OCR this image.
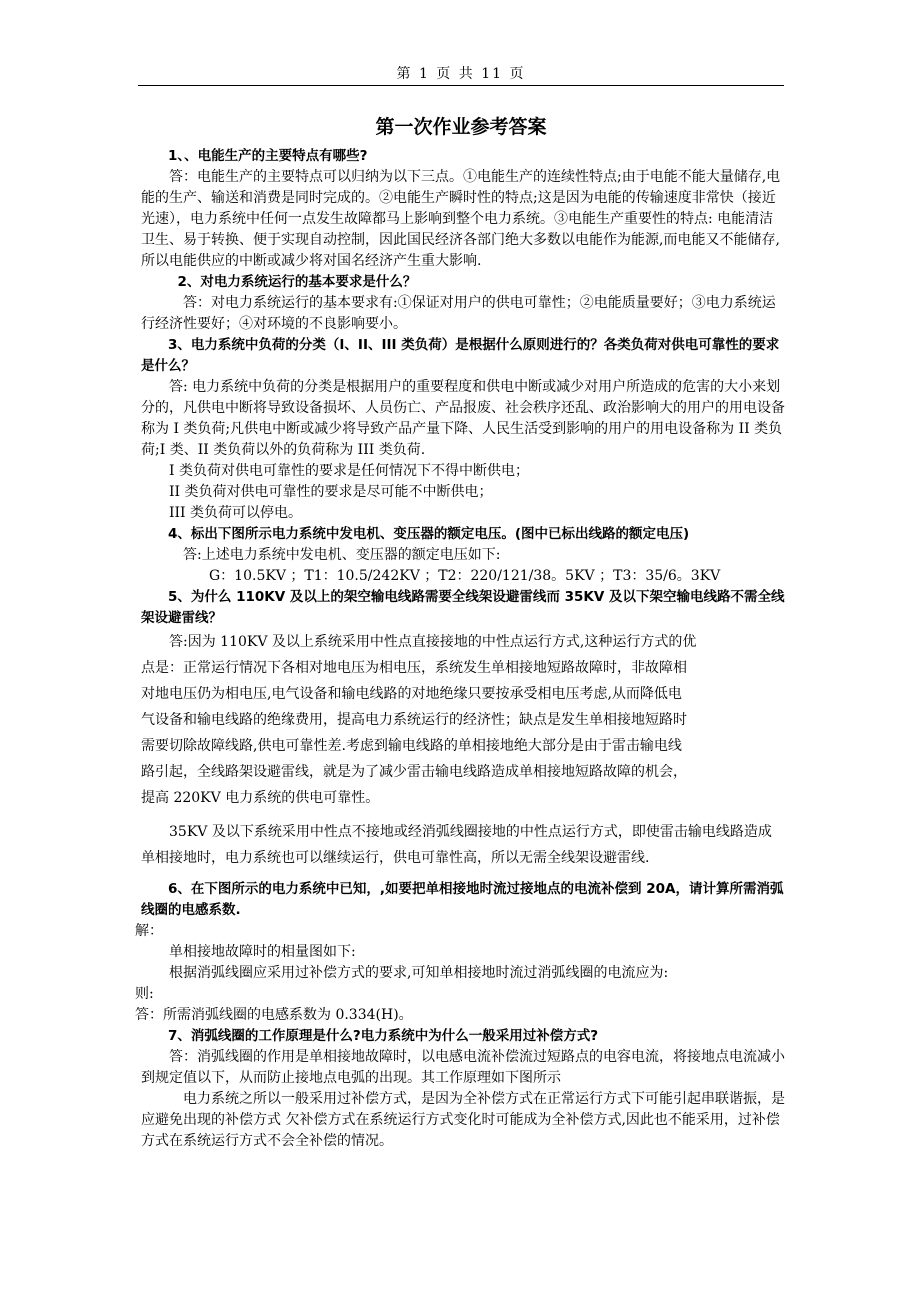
第 1 页 共 11 页
第一次作业参考答案

1、、电能生产的主要特点有哪些?

答：电能生产的主要特点可以归纳为以下三点。①电能生产的连续性特点;由于电能不能大量储存,电能的生产、输送和消费是同时完成的。②电能生产瞬时性的特点;这是因为电能的传输速度非常快（接近光速），电力系统中任何一点发生故障都马上影响到整个电力系统。③电能生产重要性的特点: 电能清洁卫生、易于转换、便于实现自动控制，因此国民经济各部门绝大多数以电能作为能源,而电能又不能储存,所以电能供应的中断或减少将对国名经济产生重大影响.

2、对电力系统运行的基本要求是什么？

答：对电力系统运行的基本要求有:①保证对用户的供电可靠性；②电能质量要好；③电力系统运行经济性要好；④对环境的不良影响要小。

3、电力系统中负荷的分类（I、II、III 类负荷）是根据什么原则进行的？各类负荷对供电可靠性的要求是什么？

答: 电力系统中负荷的分类是根据用户的重要程度和供电中断或减少对用户所造成的危害的大小来划分的，凡供电中断将导致设备损坏、人员伤亡、产品报废、社会秩序还乱、政治影响大的用户的用电设备称为 I 类负荷;凡供电中断或减少将导致产品产量下降、人民生活受到影响的用户的用电设备称为 II 类负荷;I 类、II 类负荷以外的负荷称为 III 类负荷.

I 类负荷对供电可靠性的要求是任何情况下不得中断供电；

II 类负荷对供电可靠性的要求是尽可能不中断供电；

III 类负荷可以停电。

4、标出下图所示电力系统中发电机、变压器的额定电压。(图中已标出线路的额定电压)

答:上述电力系统中发电机、变压器的额定电压如下:

G：10.5KV ；T1：10.5/242KV ；T2：220/121/38。5KV ；T3：35/6。3KV

5、为什么 110KV 及以上的架空输电线路需要全线架设避雷线而 35KV 及以下架空输电线路不需全线架设避雷线？

答:因为 110KV 及以上系统采用中性点直接接地的中性点运行方式,这种运行方式的优

点是：正常运行情况下各相对地电压为相电压，系统发生单相接地短路故障时，非故障相

对地电压仍为相电压,电气设备和输电线路的对地绝缘只要按承受相电压考虑,从而降低电

气设备和输电线路的绝缘费用，提高电力系统运行的经济性；缺点是发生单相接地短路时

需要切除故障线路,供电可靠性差.考虑到输电线路的单相接地绝大部分是由于雷击输电线

路引起，全线路架设避雷线，就是为了减少雷击输电线路造成单相接地短路故障的机会，

提高 220KV 电力系统的供电可靠性。

35KV 及以下系统采用中性点不接地或经消弧线圈接地的中性点运行方式，即使雷击输电线路造成单相接地时，电力系统也可以继续运行，供电可靠性高，所以无需全线架设避雷线.

6、在下图所示的电力系统中已知，,如要把单相接地时流过接地点的电流补偿到 20A，请计算所需消弧线圈的电感系数.

解：

单相接地故障时的相量图如下:

根据消弧线圈应采用过补偿方式的要求,可知单相接地时流过消弧线圈的电流应为:

则:

答：所需消弧线圈的电感系数为 0.334(H)。

7、消弧线圈的工作原理是什么?电力系统中为什么一般采用过补偿方式?

答：消弧线圈的作用是单相接地故障时，以电感电流补偿流过短路点的电容电流，将接地点电流减小到规定值以下，从而防止接地点电弧的出现。其工作原理如下图所示

电力系统之所以一般采用过补偿方式，是因为全补偿方式在正常运行方式下可能引起串联谐振，是应避免出现的补偿方式 欠补偿方式在系统运行方式变化时可能成为全补偿方式,因此也不能采用，过补偿方式在系统运行方式不会全补偿的情况。
